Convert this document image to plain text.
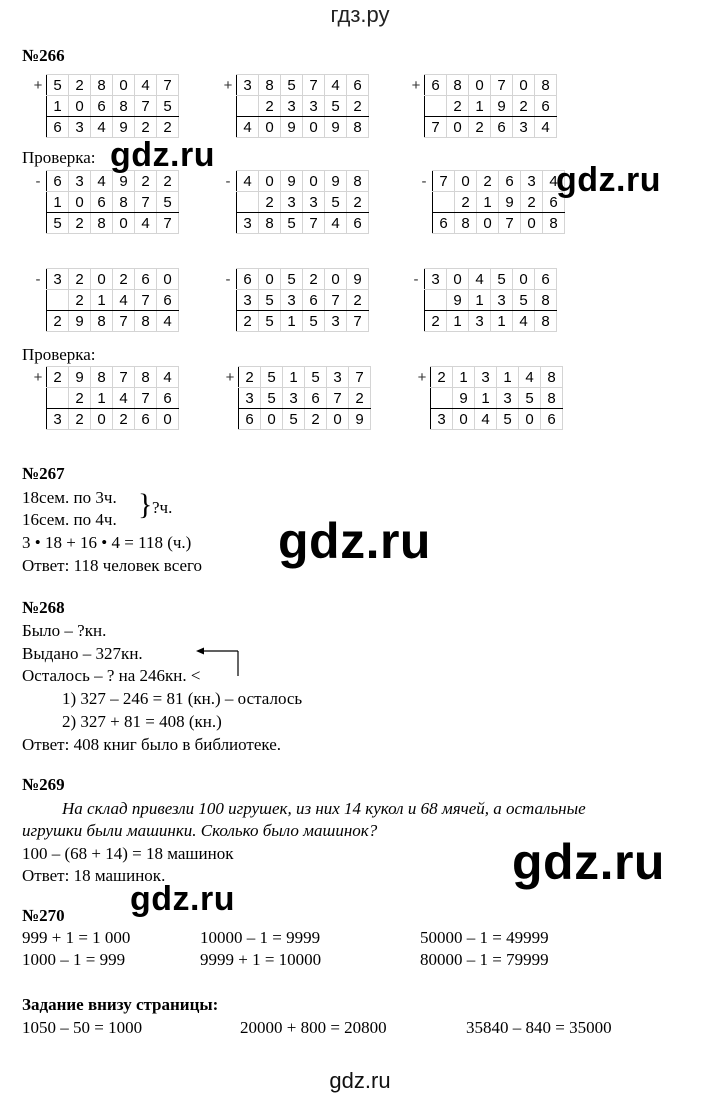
гдз.ру
№266
+	5	2	8	0	4	7
	1	0	6	8	7	5
	6	3	4	9	2	2
+	3	8	5	7	4	6
		2	3	3	5	2
	4	0	9	0	9	8
+	6	8	0	7	0	8
		2	1	9	2	6
	7	0	2	6	3	4
-	6	3	4	9	2	2
	1	0	6	8	7	5
	5	2	8	0	4	7
-	4	0	9	0	9	8
		2	3	3	5	2
	3	8	5	7	4	6
-	7	0	2	6	3	4
		2	1	9	2	6
	6	8	0	7	0	8
-	3	2	0	2	6	0
		2	1	4	7	6
	2	9	8	7	8	4
-	6	0	5	2	0	9
	3	5	3	6	7	2
	2	5	1	5	3	7
-	3	0	4	5	0	6
		9	1	3	5	8
	2	1	3	1	4	8
+	2	9	8	7	8	4
		2	1	4	7	6
	3	2	0	2	6	0
+	2	5	1	5	3	7
	3	5	3	6	7	2
	6	0	5	2	0	9
+	2	1	3	1	4	8
		9	1	3	5	8
	3	0	4	5	0	6
Проверка:
Проверка:
gdz.ru
gdz.ru
gdz.ru
gdz.ru
gdz.ru
№267
18сем. по 3ч.
16сем. по 4ч. } ?ч.
3 • 18 + 16 • 4 = 118 (ч.)
Ответ: 118 человек всего
№268
Было – ?кн.
Выдано – 327кн.
Осталось – ? на 246кн. <
1) 327 – 246 = 81 (кн.) – осталось
2) 327 + 81 = 408 (кн.)
Ответ: 408 книг было в библиотеке.
№269
На склад привезли 100 игрушек, из них 14 кукол и 68 мячей, а остальные
игрушки были машинки. Сколько было машинок?
100 – (68 + 14) = 18 машинок
Ответ: 18 машинок.
№270
999 + 1 = 1 000	10000 – 1 = 9999	50000 – 1 = 49999
1000 – 1 = 999	9999 + 1 = 10000	80000 – 1 = 79999
Задание внизу страницы:
1050 – 50 = 1000	20000 + 800 = 20800	35840 – 840 = 35000
gdz.ru
